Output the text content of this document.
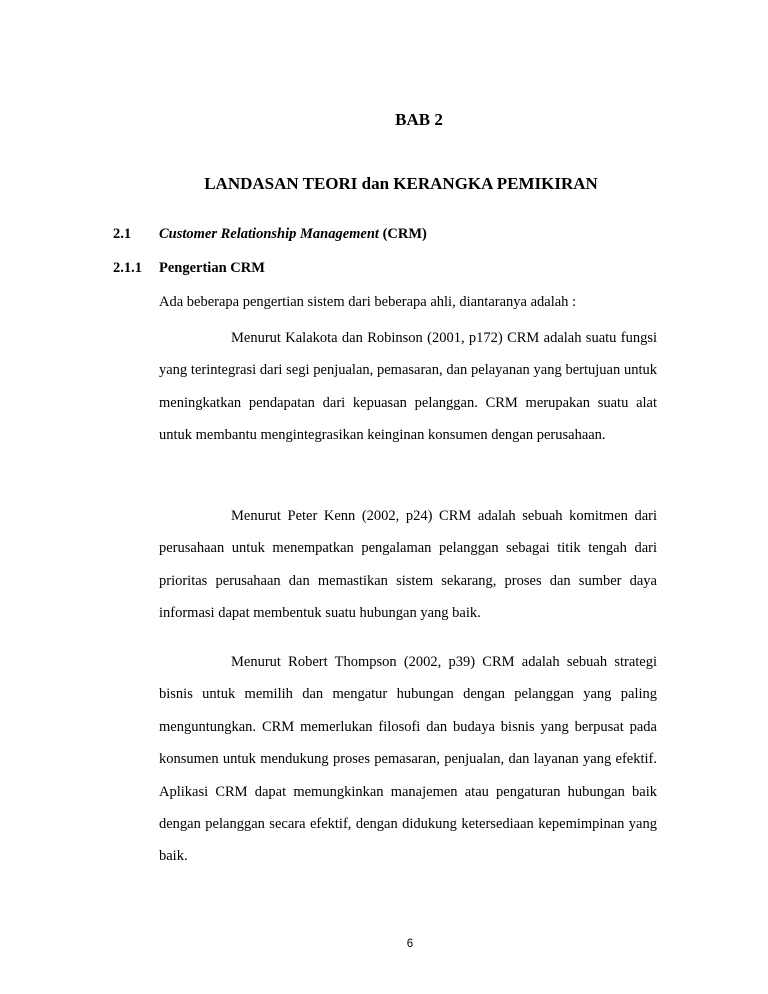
BAB 2
LANDASAN TEORI dan KERANGKA PEMIKIRAN
2.1 Customer Relationship Management (CRM)
2.1.1 Pengertian CRM
Ada beberapa pengertian sistem dari beberapa ahli, diantaranya adalah :

Menurut Kalakota dan Robinson (2001, p172) CRM adalah suatu fungsi yang terintegrasi dari segi penjualan, pemasaran, dan pelayanan yang bertujuan untuk meningkatkan pendapatan dari kepuasan pelanggan. CRM merupakan suatu alat untuk membantu mengintegrasikan keinginan konsumen dengan perusahaan.

Menurut Peter Kenn (2002, p24) CRM adalah sebuah komitmen dari perusahaan untuk menempatkan pengalaman pelanggan sebagai titik tengah dari prioritas perusahaan dan memastikan sistem sekarang, proses dan sumber daya informasi dapat membentuk suatu hubungan yang baik.

Menurut Robert Thompson (2002, p39) CRM adalah sebuah strategi bisnis untuk memilih dan mengatur hubungan dengan pelanggan yang paling menguntungkan. CRM memerlukan filosofi dan budaya bisnis yang berpusat pada konsumen untuk mendukung proses pemasaran, penjualan, dan layanan yang efektif. Aplikasi CRM dapat memungkinkan manajemen atau pengaturan hubungan baik dengan pelanggan secara efektif, dengan didukung ketersediaan kepemimpinan yang baik.

6
